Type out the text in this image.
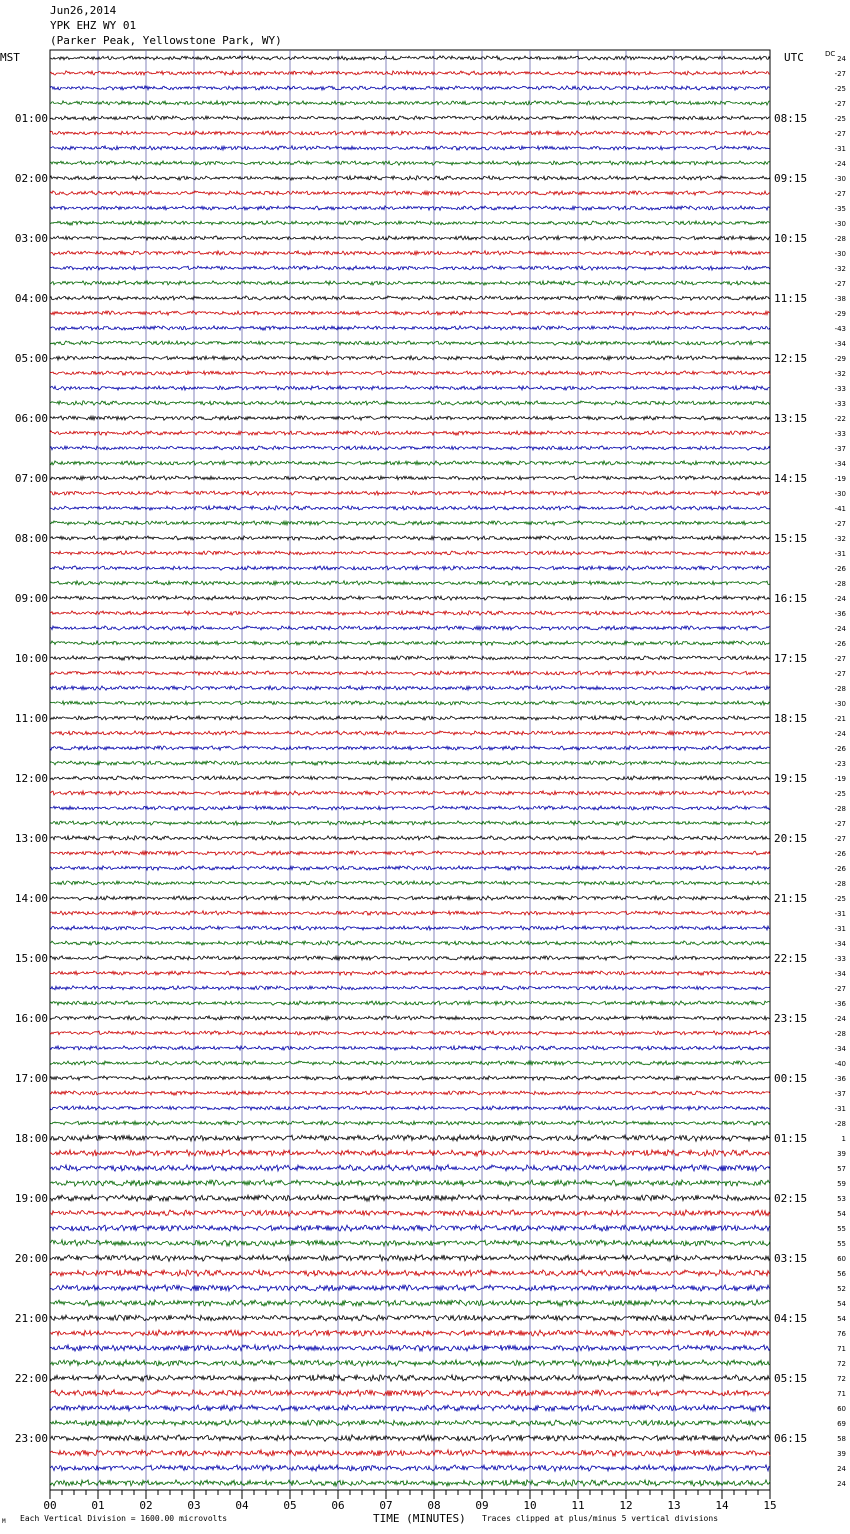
Jun26,2014
YPK EHZ WY 01
(Parker Peak, Yellowstone Park, WY)
MST	UTC
01:00
02:00
03:00
04:00
05:00
06:00
07:00
08:00
09:00
10:00
11:00
12:00
13:00
14:00
15:00
16:00
17:00
18:00
19:00
20:00
21:00
22:00
23:00
08:15
09:15
10:15
11:15
12:15
13:15
14:15
15:15
16:15
17:15
18:15
19:15
20:15
21:15
22:15
23:15
00:15
01:15
02:15
03:15
04:15
05:15
06:15
DC
24
-27
-25
-27
-25
-27
-31
-24
-30
-27
-35
-30
-28
-30
-32
-27
-38
-29
-43
-34
-29
-32
-33
-33
-22
-33
-37
-34
-19
-30
-41
-27
-32
-31
-26
-28
-24
-36
-24
-26
-27
-27
-28
-30
-21
-24
-26
-23
-19
-25
-28
-27
-27
-26
-26
-28
-25
-31
-31
-34
-33
-34
-27
-36
-24
-28
-34
-40
-36
-37
-31
-28
1
39
57
59
53
54
55
55
60
56
52
54
54
76
71
72
72
71
60
69
58
39
24
24
00	01	02	03	04	05	06	07	08	09	10	11	12	13	14	15
M Each Vertical Division = 1600.00 microvolts	TIME (MINUTES) Traces clipped at plus/minus 5 vertical divisions
